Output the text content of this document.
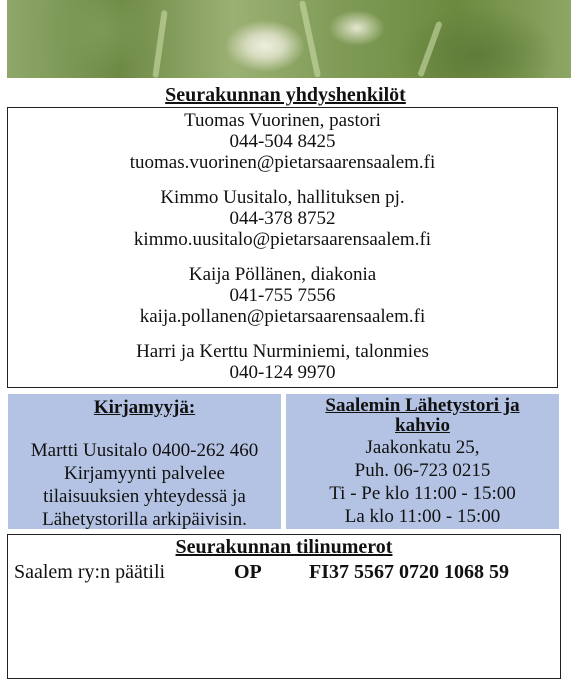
Seurakunnan yhdyshenkilöt
Tuomas Vuorinen, pastori
044-504 8425
tuomas.vuorinen@pietarsaarensaalem.fi
Kimmo Uusitalo, hallituksen pj.
044-378 8752
kimmo.uusitalo@pietarsaarensaalem.fi
Kaija Pöllänen, diakonia
041-755 7556
kaija.pollanen@pietarsaarensaalem.fi
Harri ja Kerttu Nurminiemi, talonmies
040-124 9970
Kirjamyyjä:
Martti Uusitalo 0400-262 460
Kirjamyynti palvelee
tilaisuuksien yhteydessä ja
Lähetystorilla arkipäivisin.
Saalemin Lähetystori ja
kahvio
Jaakonkatu 25,
Puh. 06-723 0215
Ti - Pe klo 11:00 - 15:00
La klo 11:00 - 15:00
Seurakunnan tilinumerot
Saalem ry:n päätili	OP FI37 5567 0720 1068 59
